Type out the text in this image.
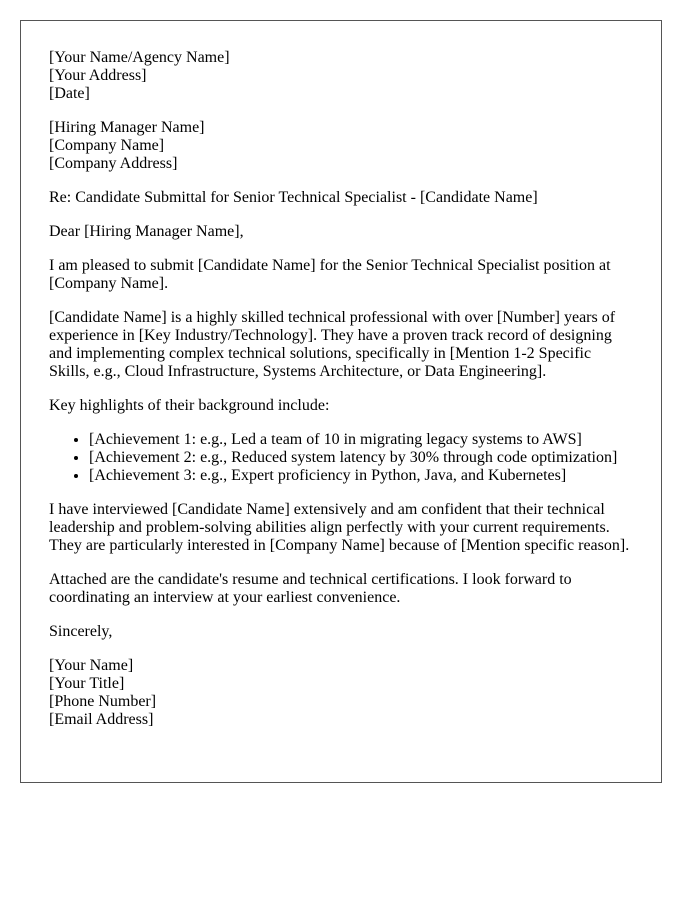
[Your Name/Agency Name]
[Your Address]
[Date]

[Hiring Manager Name]
[Company Name]
[Company Address]

Re: Candidate Submittal for Senior Technical Specialist - [Candidate Name]

Dear [Hiring Manager Name],

I am pleased to submit [Candidate Name] for the Senior Technical Specialist position at [Company Name].

[Candidate Name] is a highly skilled technical professional with over [Number] years of experience in [Key Industry/Technology]. They have a proven track record of designing and implementing complex technical solutions, specifically in [Mention 1-2 Specific Skills, e.g., Cloud Infrastructure, Systems Architecture, or Data Engineering].

Key highlights of their background include:

• [Achievement 1: e.g., Led a team of 10 in migrating legacy systems to AWS]
• [Achievement 2: e.g., Reduced system latency by 30% through code optimization]
• [Achievement 3: e.g., Expert proficiency in Python, Java, and Kubernetes]

I have interviewed [Candidate Name] extensively and am confident that their technical leadership and problem-solving abilities align perfectly with your current requirements. They are particularly interested in [Company Name] because of [Mention specific reason].

Attached are the candidate's resume and technical certifications. I look forward to coordinating an interview at your earliest convenience.

Sincerely,

[Your Name]
[Your Title]
[Phone Number]
[Email Address]
